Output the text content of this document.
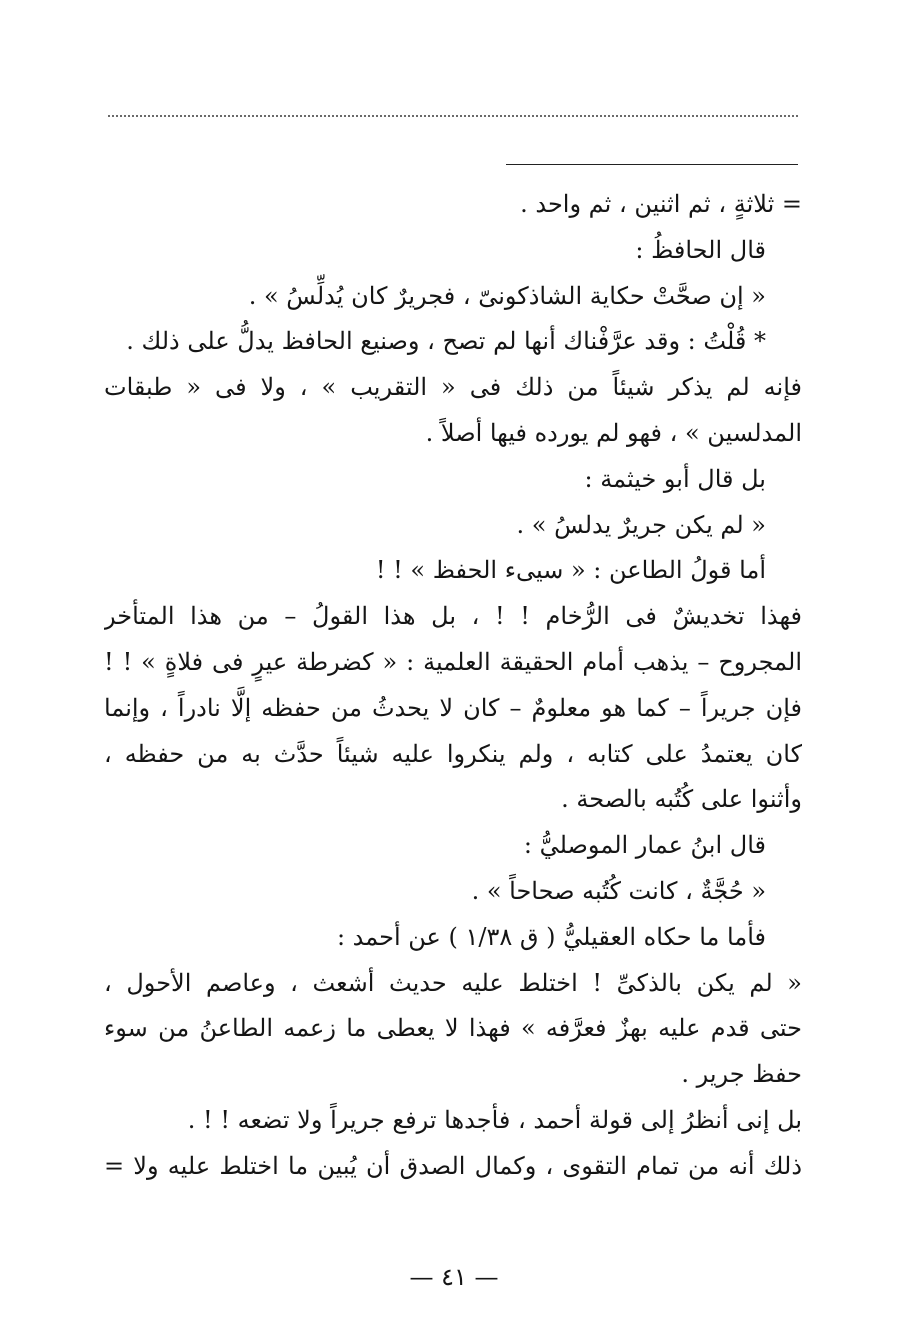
= ثلاثةٍ ، ثم اثنين ، ثم واحد .
قال الحافظُ :
« إن صحَّتْ حكاية الشاذكونىّ ، فجريرٌ كان يُدلِّسُ » .
* قُلْتُ : وقد عرَّفْناك أنها لم تصح ، وصنيع الحافظ يدلُّ على ذلك .
فإنه لم يذكر شيئاً من ذلك فى « التقريب » ، ولا فى « طبقات
المدلسين » ، فهو لم يورده فيها أصلاً .
بل قال أبو خيثمة :
« لم يكن جريرٌ يدلسُ » .
أما قولُ الطاعن : « سيىء الحفظ » ! !
فهذا تخديشٌ فى الرُّخام ! ! ، بل هذا القولُ – من هذا المتأخر
المجروح – يذهب أمام الحقيقة العلمية : « كضرطة عيرٍ فى فلاةٍ » ! !
فإن جريراً – كما هو معلومٌ – كان لا يحدثُ من حفظه إلَّا نادراً ، وإنما
كان يعتمدُ على كتابه ، ولم ينكروا عليه شيئاً حدَّث به من حفظه ،
وأثنوا على كُتُبه بالصحة .
قال ابنُ عمار الموصليُّ :
« حُجَّةٌ ، كانت كُتُبه صحاحاً » .
فأما ما حكاه العقيليُّ ( ق ١/٣٨ ) عن أحمد :
« لم يكن بالذكىِّ ! اختلط عليه حديث أشعث ، وعاصم الأحول ،
حتى قدم عليه بهزٌ فعرَّفه » فهذا لا يعطى ما زعمه الطاعنُ من سوء
حفظ جرير .
بل إنى أنظرُ إلى قولة أحمد ، فأجدها ترفع جريراً ولا تضعه ! ! .
ذلك أنه من تمام التقوى ، وكمال الصدق أن يُبين ما اختلط عليه ولا =
— ٤١ —
